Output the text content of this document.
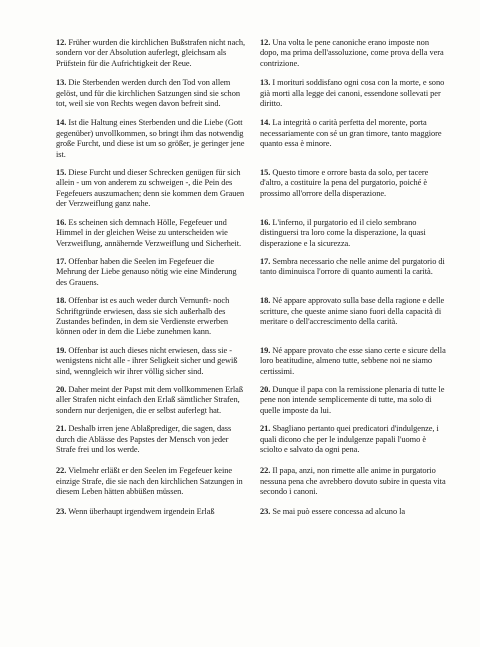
12. Früher wurden die kirchlichen Bußstrafen nicht nach, sondern vor der Absolution auferlegt, gleichsam als Prüfstein für die Aufrichtigkeit der Reue.
12. Una volta le pene canoniche erano imposte non dopo, ma prima dell'assoluzione, come prova della vera contrizione.
13. Die Sterbenden werden durch den Tod von allem gelöst, und für die kirchlichen Satzungen sind sie schon tot, weil sie von Rechts wegen davon befreit sind.
13. I morituri soddisfano ogni cosa con la morte, e sono già morti alla legge dei canoni, essendone sollevati per diritto.
14. Ist die Haltung eines Sterbenden und die Liebe (Gott gegenüber) unvollkommen, so bringt ihm das notwendig große Furcht, und diese ist um so größer, je geringer jene ist.
14. La integrità o carità perfetta del morente, porta necessariamente con sé un gran timore, tanto maggiore quanto essa è minore.
15. Diese Furcht und dieser Schrecken genügen für sich allein - um von anderem zu schweigen -, die Pein des Fegefeuers auszumachen; denn sie kommen dem Grauen der Verzweiflung ganz nahe.
15. Questo timore e orrore basta da solo, per tacere d'altro, a costituire la pena del purgatorio, poiché è prossimo all'orrore della disperazione.
16. Es scheinen sich demnach Hölle, Fegefeuer und Himmel in der gleichen Weise zu unterscheiden wie Verzweiflung, annähernde Verzweiflung und Sicherheit.
16. L'inferno, il purgatorio ed il cielo sembrano distinguersi tra loro come la disperazione, la quasi disperazione e la sicurezza.
17. Offenbar haben die Seelen im Fegefeuer die Mehrung der Liebe genauso nötig wie eine Minderung des Grauens.
17. Sembra necessario che nelle anime del purgatorio di tanto diminuisca l'orrore di quanto aumenti la carità.
18. Offenbar ist es auch weder durch Vernunft- noch Schriftgründe erwiesen, dass sie sich außerhalb des Zustandes befinden, in dem sie Verdienste erwerben können oder in dem die Liebe zunehmen kann.
18. Né appare approvato sulla base della ragione e delle scritture, che queste anime siano fuori della capacità di meritare o dell'accrescimento della carità.
19. Offenbar ist auch dieses nicht erwiesen, dass sie - wenigstens nicht alle - ihrer Seligkeit sicher und gewiß sind, wenngleich wir ihrer völlig sicher sind.
19. Né appare provato che esse siano certe e sicure della loro beatitudine, almeno tutte, sebbene noi ne siamo certissimi.
20. Daher meint der Papst mit dem vollkommenen Erlaß aller Strafen nicht einfach den Erlaß sämtlicher Strafen, sondern nur derjenigen, die er selbst auferlegt hat.
20. Dunque il papa con la remissione plenaria di tutte le pene non intende semplicemente di tutte, ma solo di quelle imposte da lui.
21. Deshalb irren jene Ablaßprediger, die sagen, dass durch die Ablässe des Papstes der Mensch von jeder Strafe frei und los werde.
21. Sbagliano pertanto quei predicatori d'indulgenze, i quali dicono che per le indulgenze papali l'uomo è sciolto e salvato da ogni pena.
22. Vielmehr erläßt er den Seelen im Fegefeuer keine einzige Strafe, die sie nach den kirchlichen Satzungen in diesem Leben hätten abbüßen müssen.
22. Il papa, anzi, non rimette alle anime in purgatorio nessuna pena che avrebbero dovuto subire in questa vita secondo i canoni.
23. Wenn überhaupt irgendwem irgendein Erlaß	23. Se mai può essere concessa ad alcuno la
